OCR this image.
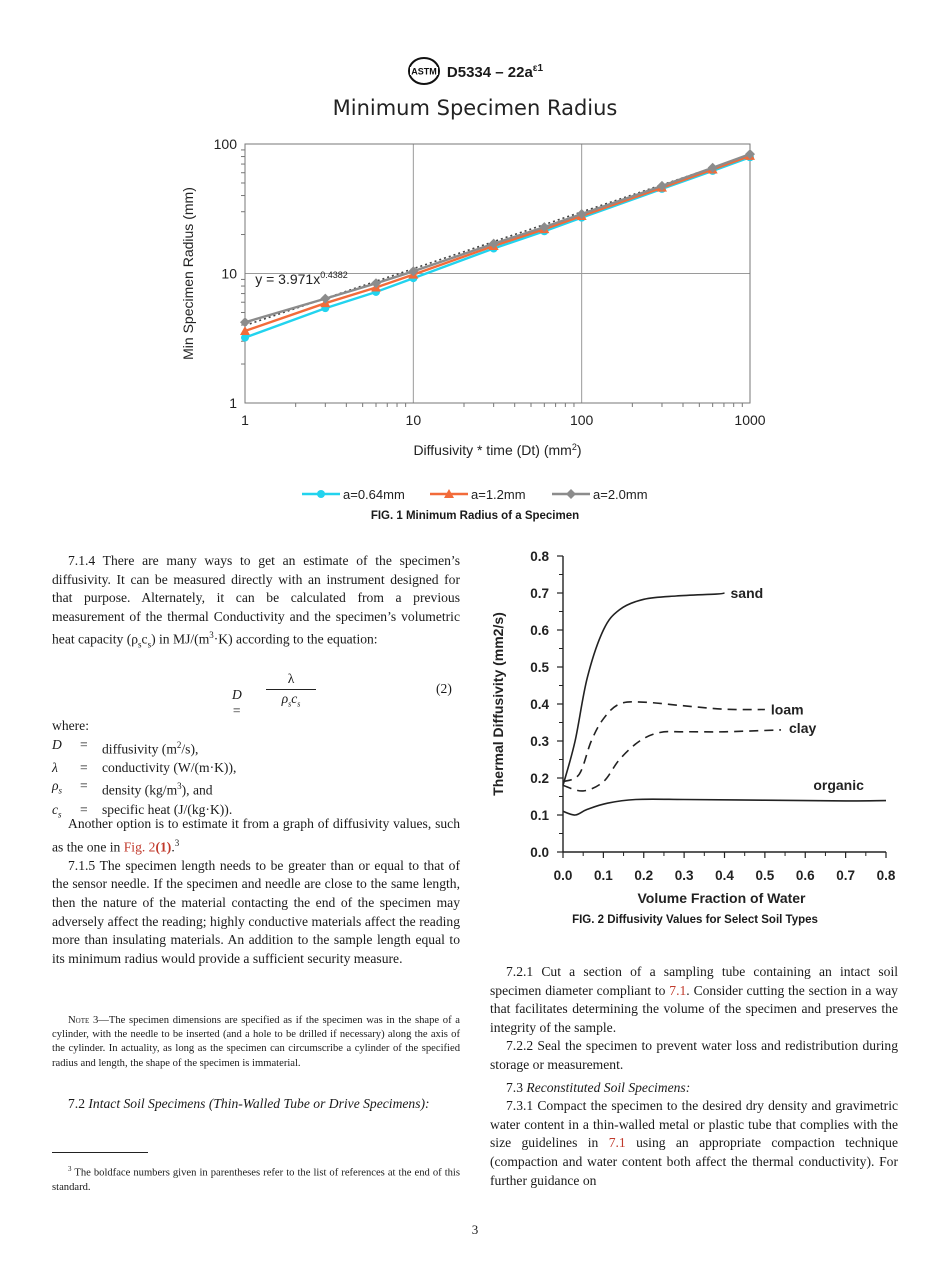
ASTM $D5334 - 22a^{\varepsilon 1}$
Minimum Specimen Radius
1	10	100	1000
1
10
100
Diffusivity * time (Dt) $(mm^2)$
Min Specimen Radius (mm)	$y = 3.971x^{0.4382}$
a=0.64mm	a=1.2mm	a=2.0mm
FIG. 1 Minimum Radius of a Specimen

7.1.4 There are many ways to get an estimate of the specimen’s diffusivity. It can be measured directly with an instrument designed for that purpose. Alternately, it can be calculated from a previous measurement of the thermal Conductivity and the specimen’s volumetric heat capacity $(\rho_sc_s)$ in $MJ/(m^3\cdot K)$ according to the equation:

D =
λ
$\rho_sc_s$
(2)

where:

D	=	diffusivity $(m^2/s)$,
λ	=	conductivity (W/(m·K)),
$\rho_s$	=	density $(kg/m^3)$, and
$c_s$	=	specific heat (J/(kg·K)).

Another option is to estimate it from a graph of diffusivity values, such as the one in Fig. 2(1).$^3$

7.1.5 The specimen length needs to be greater than or equal to that of the sensor needle. If the specimen and needle are close to the same length, then the nature of the material contacting the end of the specimen may adversely affect the reading; highly conductive materials affect the reading more than insulating materials. An addition to the sample length equal to its minimum radius would provide a sufficient security measure.

Note 3—The specimen dimensions are specified as if the specimen was in the shape of a cylinder, with the needle to be inserted (and a hole to be drilled if necessary) along the axis of the cylinder. In actuality, as long as the specimen can circumscribe a cylinder of the specified radius and length, the shape of the specimen is immaterial.

7.2 Intact Soil Specimens (Thin-Walled Tube or Drive Specimens):

$^3$ The boldface numbers given in parentheses refer to the list of references at the end of this standard.
0.0 0.1 0.2 0.3 0.4 0.5 0.6 0.7 0.8
0.0
0.1
0.2
0.3
0.4
0.5
0.6
0.7
0.8
Volume Fraction of Water
Thermal Diffusivity (mm2/s)
sand
loam
clay
organic
FIG. 2 Diffusivity Values for Select Soil Types

7.2.1 Cut a section of a sampling tube containing an intact soil specimen diameter compliant to 7.1. Consider cutting the section in a way that facilitates determining the volume of the specimen and preserves the integrity of the sample.

7.2.2 Seal the specimen to prevent water loss and redistribution during storage or measurement.

7.3 Reconstituted Soil Specimens:

7.3.1 Compact the specimen to the desired dry density and gravimetric water content in a thin-walled metal or plastic tube that complies with the size guidelines in 7.1 using an appropriate compaction technique (compaction and water content both affect the thermal conductivity). For further guidance on

3
